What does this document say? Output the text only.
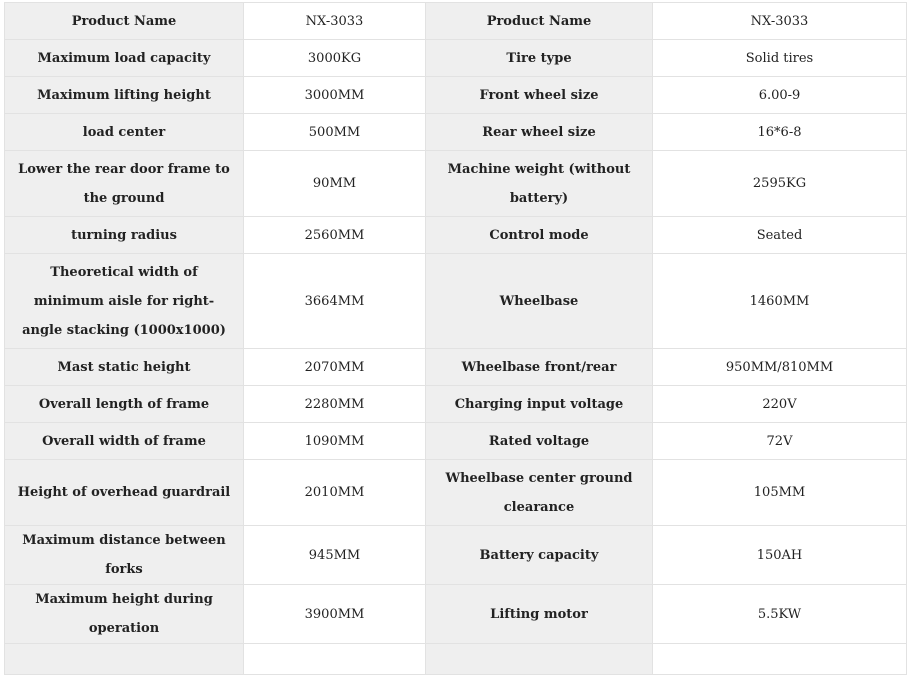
Product Name	NX-3033	Product Name	NX-3033
Maximum load capacity	3000KG	Tire type	Solid tires
Maximum lifting height	3000MM	Front wheel size	6.00-9
load center	500MM	Rear wheel size	16*6-8
Lower the rear door frame to the ground	90MM	Machine weight (without battery)	2595KG
turning radius	2560MM	Control mode	Seated
Theoretical width of minimum aisle for right-angle stacking (1000x1000)	3664MM	Wheelbase	1460MM
Mast static height	2070MM	Wheelbase front/rear	950MM/810MM
Overall length of frame	2280MM	Charging input voltage	220V
Overall width of frame	1090MM	Rated voltage	72V
Height of overhead guardrail	2010MM	Wheelbase center ground clearance	105MM
Maximum distance between forks	945MM	Battery capacity	150AH
Maximum height during operation	3900MM	Lifting motor	5.5KW
